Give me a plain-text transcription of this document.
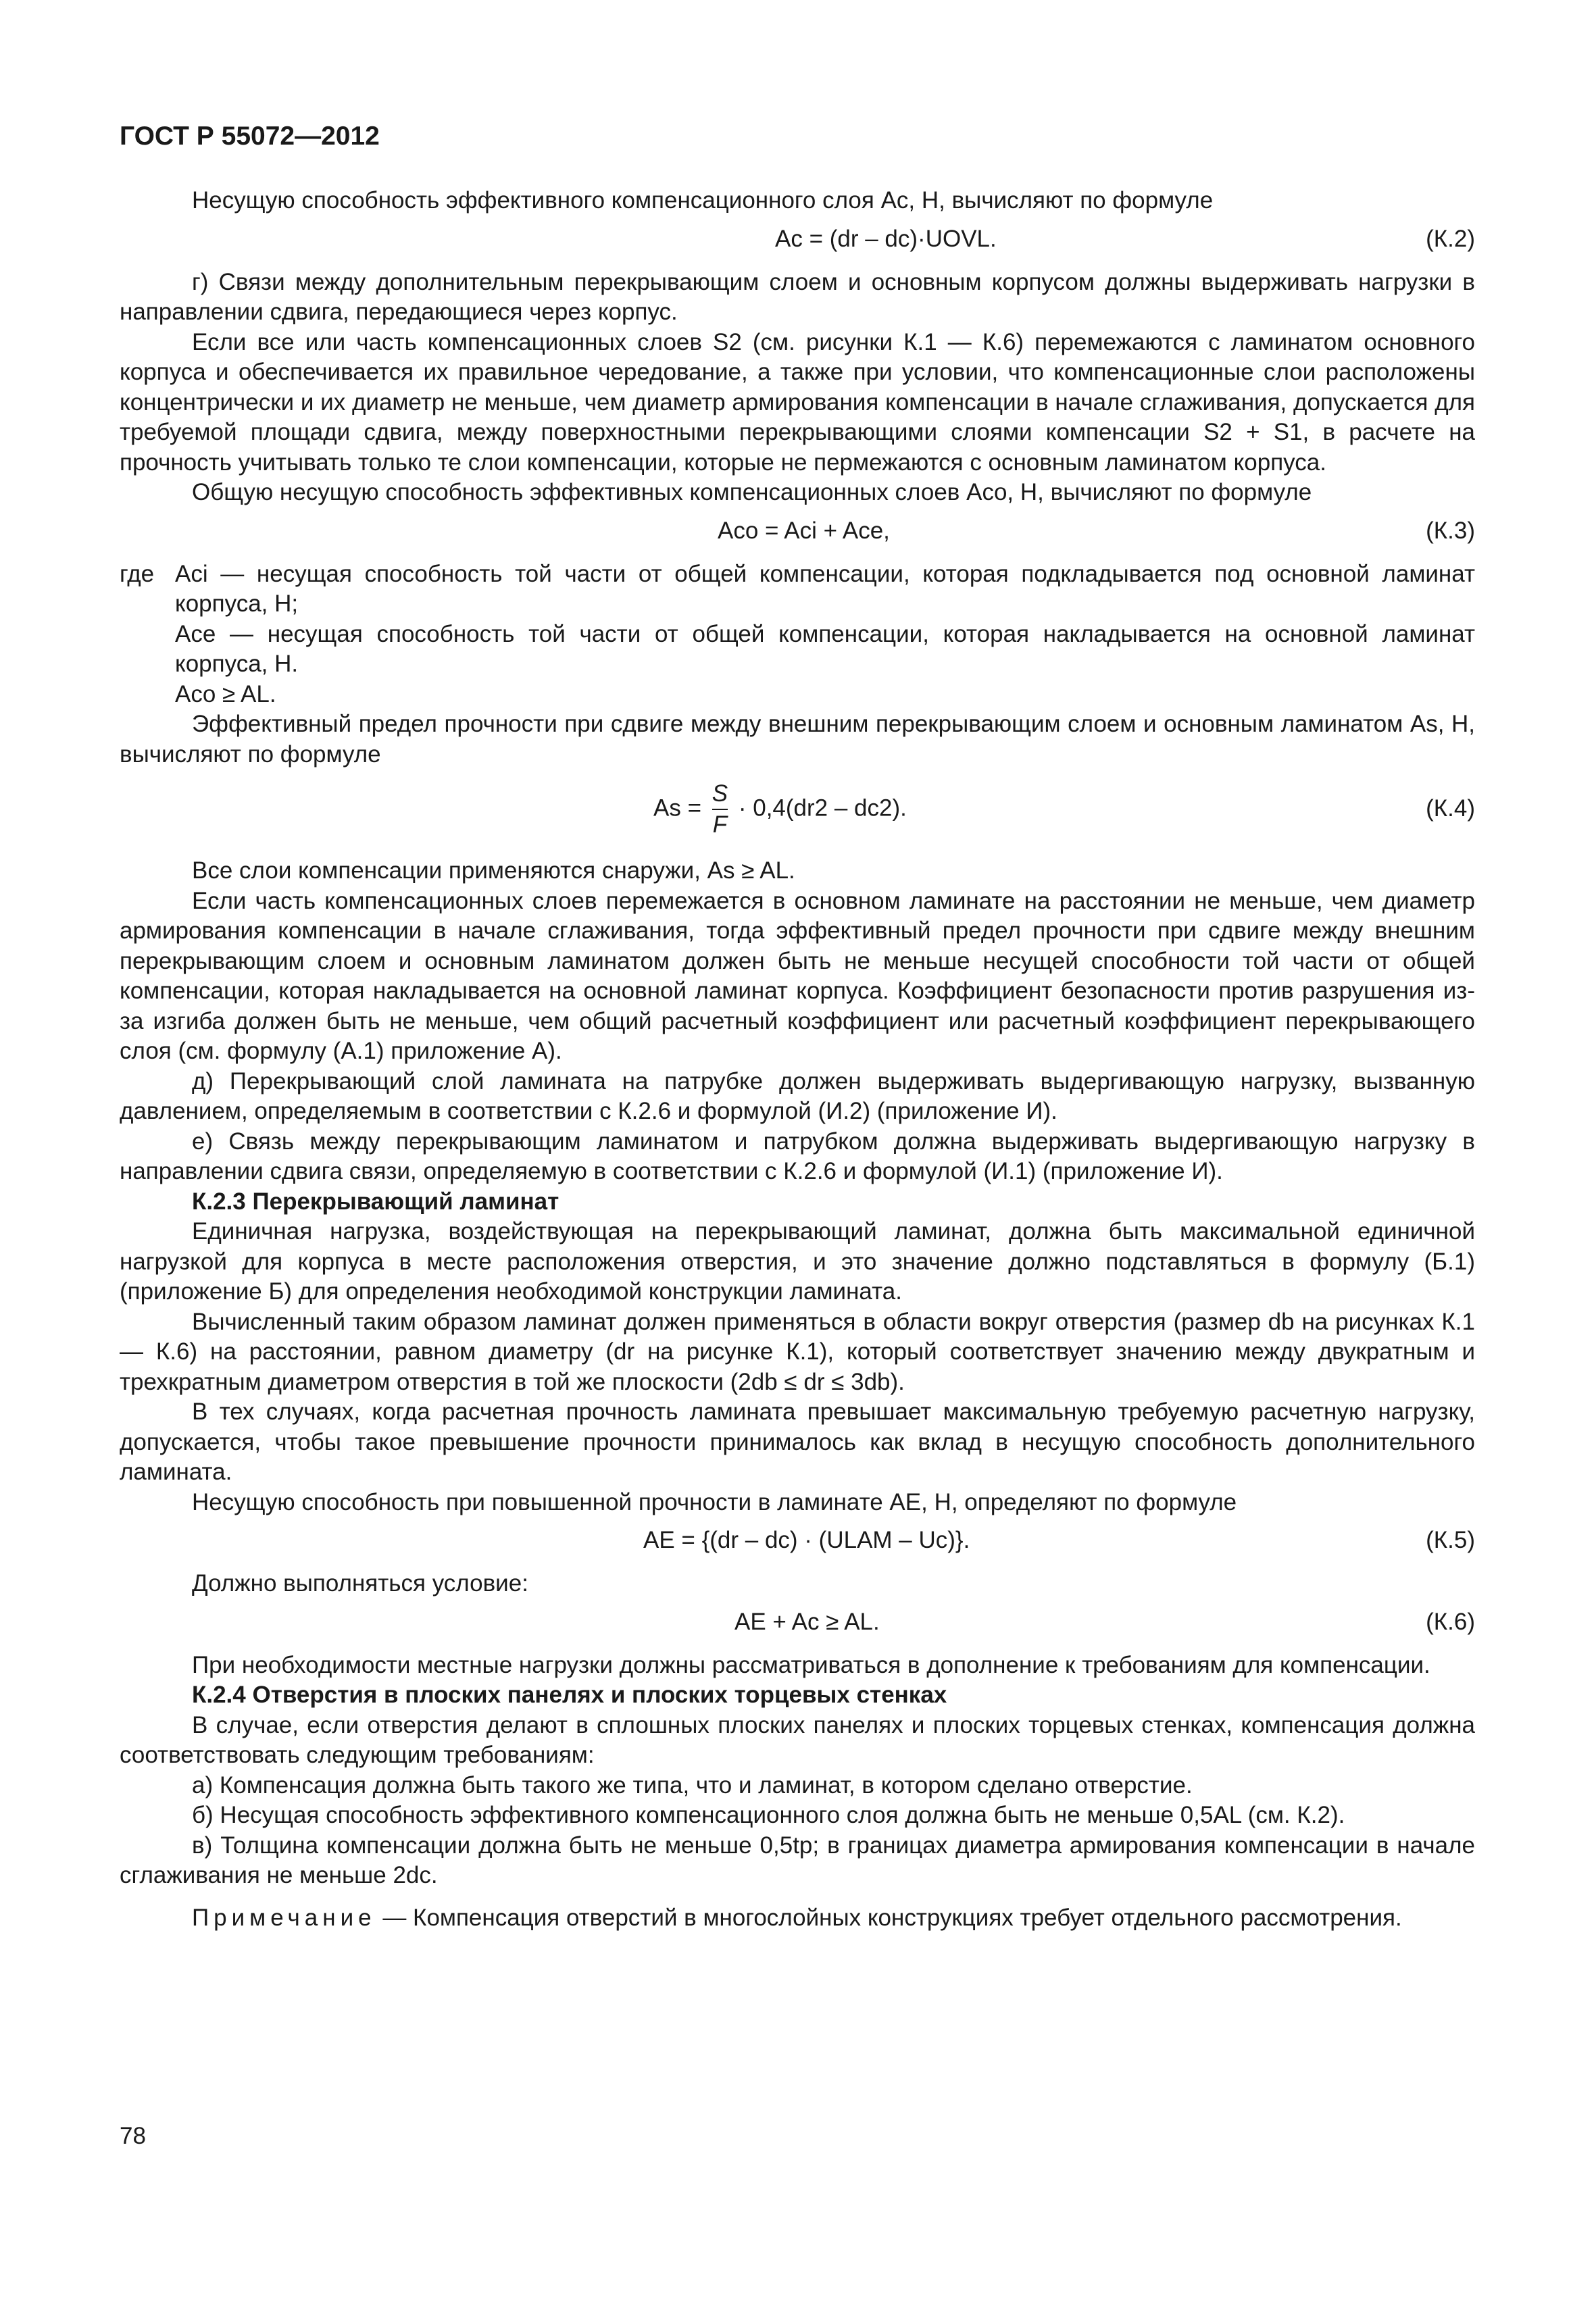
ГОСТ Р 55072—2012

Несущую способность эффективного компенсационного слоя Ac, Н, вычисляют по формуле

Ac = (dr – dc)·UOVL.	(К.2)

г) Связи между дополнительным перекрывающим слоем и основным корпусом должны выдерживать нагрузки в направлении сдвига, передающиеся через корпус.

Если все или часть компенсационных слоев S2 (см. рисунки К.1 — К.6) перемежаются с ламинатом основного корпуса и обеспечивается их правильное чередование, а также при условии, что компенсационные слои расположены концентрически и их диаметр не меньше, чем диаметр армирования компенсации в начале сглаживания, допускается для требуемой площади сдвига, между поверхностными перекрывающими слоями компенсации S2 + S1, в расчете на прочность учитывать только те слои компенсации, которые не пермежаются с основным ламинатом корпуса.

Общую несущую способность эффективных компенсационных слоев Aco, Н, вычисляют по формуле

Aco = Aci + Ace,	(К.3)

где Aci — несущая способность той части от общей компенсации, которая подкладывается под основной ламинат корпуса, Н;

Ace — несущая способность той части от общей компенсации, которая накладывается на основной ламинат корпуса, Н.

Aco ≥ AL.

Эффективный предел прочности при сдвиге между внешним перекрывающим слоем и основным ламинатом As, Н, вычисляют по формуле

$As = \frac{S}{F} \cdot 0,4(dr2 - dc2)$.	(К.4)

Все слои компенсации применяются снаружи, As ≥ AL.

Если часть компенсационных слоев перемежается в основном ламинате на расстоянии не меньше, чем диаметр армирования компенсации в начале сглаживания, тогда эффективный предел прочности при сдвиге между внешним перекрывающим слоем и основным ламинатом должен быть не меньше несущей способности той части от общей компенсации, которая накладывается на основной ламинат корпуса. Коэффициент безопасности против разрушения из-за изгиба должен быть не меньше, чем общий расчетный коэффициент или расчетный коэффициент перекрывающего слоя (см. формулу (А.1) приложение А).

д) Перекрывающий слой ламината на патрубке должен выдерживать выдергивающую нагрузку, вызванную давлением, определяемым в соответствии с К.2.6 и формулой (И.2) (приложение И).

е) Связь между перекрывающим ламинатом и патрубком должна выдерживать выдергивающую нагрузку в направлении сдвига связи, определяемую в соответствии с К.2.6 и формулой (И.1) (приложение И).

К.2.3 Перекрывающий ламинат

Единичная нагрузка, воздействующая на перекрывающий ламинат, должна быть максимальной единичной нагрузкой для корпуса в месте расположения отверстия, и это значение должно подставляться в формулу (Б.1) (приложение Б) для определения необходимой конструкции ламината.

Вычисленный таким образом ламинат должен применяться в области вокруг отверстия (размер db на рисунках К.1 — К.6) на расстоянии, равном диаметру (dr на рисунке К.1), который соответствует значению между двукратным и трехкратным диаметром отверстия в той же плоскости (2db ≤ dr ≤ 3db).

В тех случаях, когда расчетная прочность ламината превышает максимальную требуемую расчетную нагрузку, допускается, чтобы такое превышение прочности принималось как вклад в несущую способность дополнительного ламината.

Несущую способность при повышенной прочности в ламинате AE, Н, определяют по формуле

AE = {(dr – dc) · (ULAM – Uc)}.	(К.5)

Должно выполняться условие:

AE + Ac ≥ AL.	(К.6)

При необходимости местные нагрузки должны рассматриваться в дополнение к требованиям для компенсации.

К.2.4 Отверстия в плоских панелях и плоских торцевых стенках

В случае, если отверстия делают в сплошных плоских панелях и плоских торцевых стенках, компенсация должна соответствовать следующим требованиям:

а) Компенсация должна быть такого же типа, что и ламинат, в котором сделано отверстие.

б) Несущая способность эффективного компенсационного слоя должна быть не меньше 0,5AL (см. К.2).

в) Толщина компенсации должна быть не меньше 0,5tp; в границах диаметра армирования компенсации в начале сглаживания не меньше 2dc.

Примечание — Компенсация отверстий в многослойных конструкциях требует отдельного рассмотрения.

78
